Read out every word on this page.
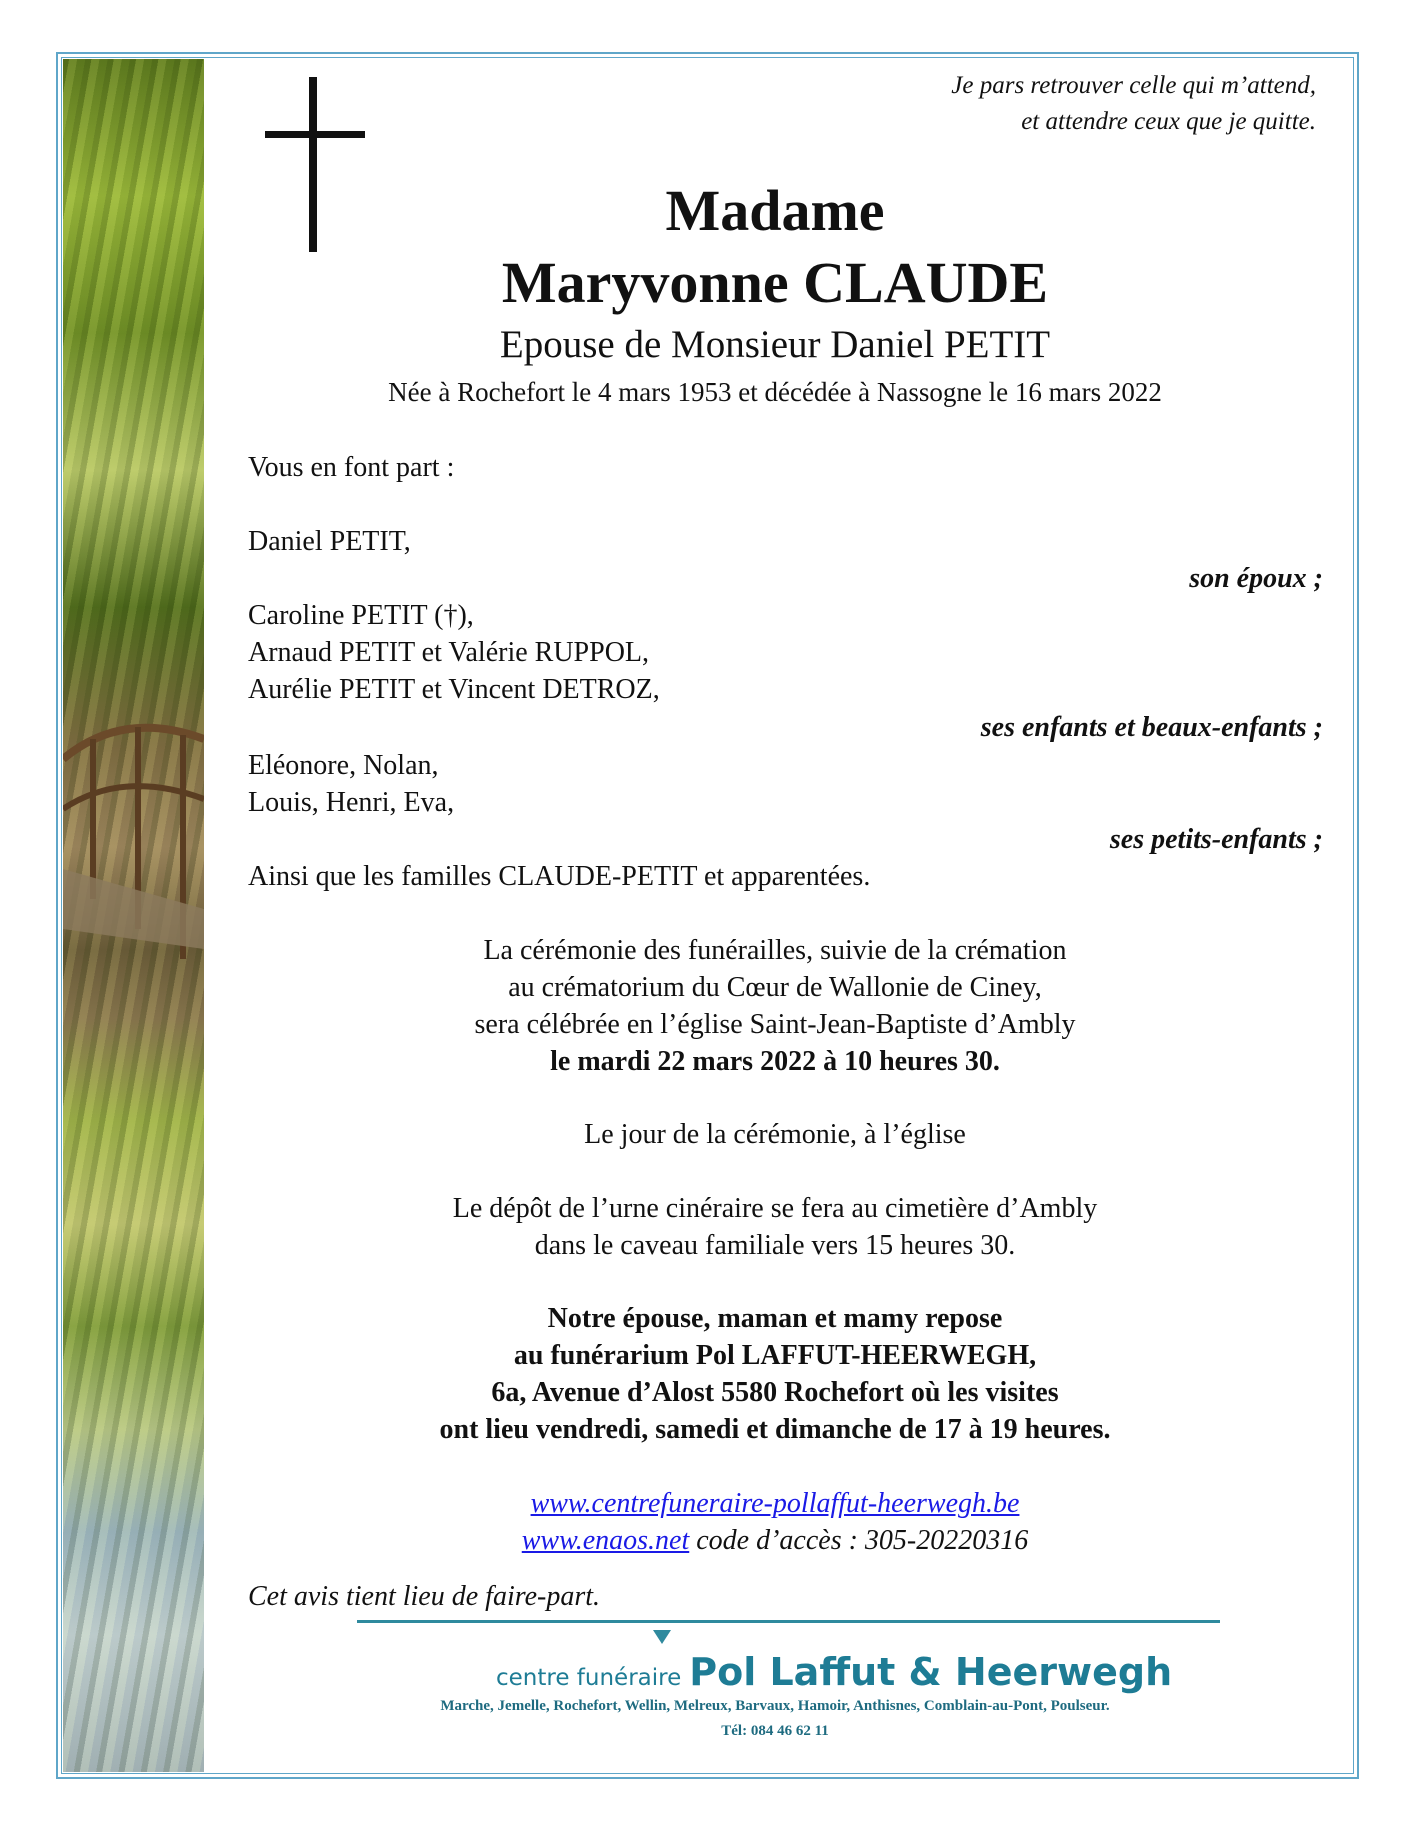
Je pars retrouver celle qui m’attend,
et attendre ceux que je quitte.
Madame
Maryvonne CLAUDE
Epouse de Monsieur Daniel PETIT
Née à Rochefort le 4 mars 1953 et décédée à Nassogne le 16 mars 2022
Vous en font part :
Daniel PETIT,
son époux ;
Caroline PETIT (†),
Arnaud PETIT et Valérie RUPPOL,
Aurélie PETIT et Vincent DETROZ,
ses enfants et beaux-enfants ;
Eléonore, Nolan,
Louis, Henri, Eva,
ses petits-enfants ;
Ainsi que les familles CLAUDE-PETIT et apparentées.
La cérémonie des funérailles, suivie de la crémation
au crématorium du Cœur de Wallonie de Ciney,
sera célébrée en l’église Saint-Jean-Baptiste d’Ambly
le mardi 22 mars 2022 à 10 heures 30.
Le jour de la cérémonie, à l’église
Le dépôt de l’urne cinéraire se fera au cimetière d’Ambly
dans le caveau familiale vers 15 heures 30.
Notre épouse, maman et mamy repose
au funérarium Pol LAFFUT-HEERWEGH,
6a, Avenue d’Alost 5580 Rochefort où les visites
ont lieu vendredi, samedi et dimanche de 17 à 19 heures.
www.centrefuneraire-pollaffut-heerwegh.be
www.enaos.net code d’accès : 305-20220316
Cet avis tient lieu de faire-part.
centre funéraire Pol Laffut & Heerwegh
Marche, Jemelle, Rochefort, Wellin, Melreux, Barvaux, Hamoir, Anthisnes, Comblain-au-Pont, Poulseur.
Tél: 084 46 62 11
